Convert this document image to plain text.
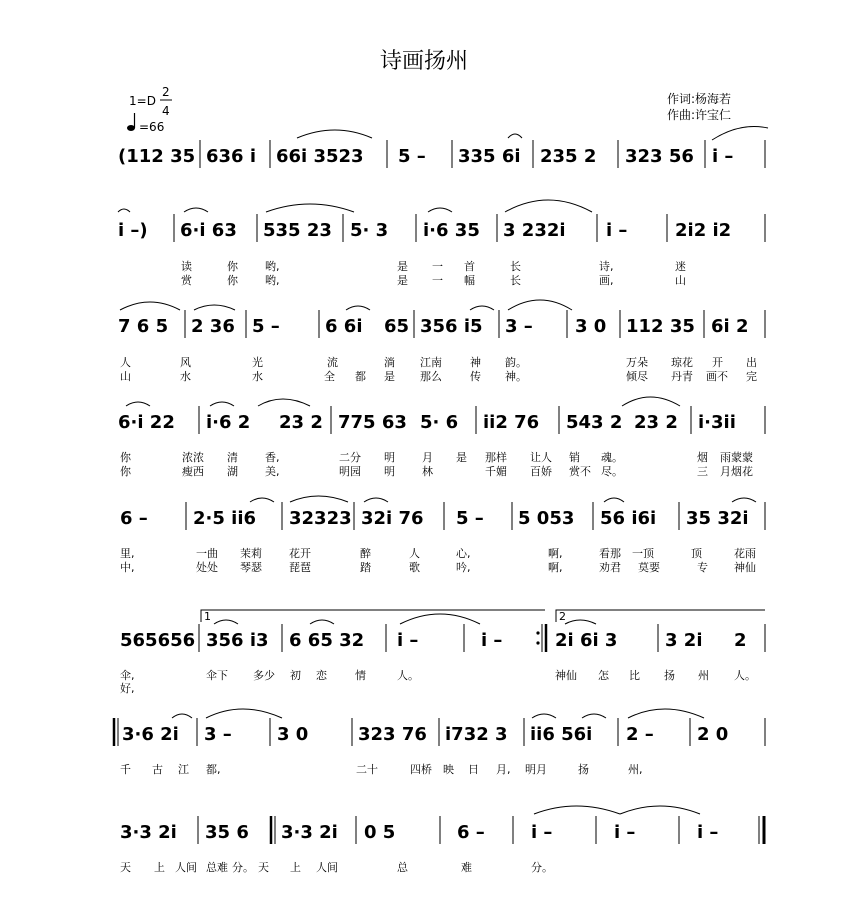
诗画扬州
1=D
2
4
=66
作词:杨海若
作曲:许宝仁
(112 35 636 i 66i 3523 5 – 335 6i 235 2 323 56 i –
i –) 6·i 63 535 23 5· 3 i·6 35 3 232i i –	2i2 i2
读	你 哟,	是 一 首	长	诗,	迷
赏	你 哟,	是 一 幅	长	画,	山
7 6 5 2 36 5 –	6 6i 65 356 i5 3 – 3 0 112 35 6i 2
人	风	光	流	淌 江南	神 韵。	万朵 琼花 开 出
山	水	水	全 都 是 那么	传 神。	倾尽 丹青 画不 完
6·i 22 i·6 2 23 2 775 63 5· 6 ii2 76 543 2 23 2 i·3ii
你	浓浓 清 香,	二分 明 月 是 那样 让人 销 魂。	烟 雨蒙蒙
你	瘦西 湖 美,	明园 明 林	千媚 百娇 赏不 尽。	三 月烟花
6 –	2·5 ii6 32323 32i 76 5 – 5 053 56 i6i 35 32i
里,	一曲 茉莉 花开	醉	人	心,	啊,	看那 一顶	顶	花雨
中,	处处 琴瑟 琵琶	踏	歌	吟,	啊,	劝君 莫要	专 神仙
1	2
565656 356 i3 6 65 32 i –	i –	2i 6i 3	3 2i 2
伞,	伞下 多少 初 恋	情	人。	神仙 怎 比 扬 州 人。
好,
3·6 2i 3 –	3 0	323 76 i732 3 ii6 56i 2 – 2 0
千 古 江 都,	二十	四桥 映 日 月, 明月	扬	州,
3·3 2i 35 6 3·3 2i 0 5	6 –	i –	i –	i –
天 上 人间 总难 分。 天 上 人间	总	难	分。
